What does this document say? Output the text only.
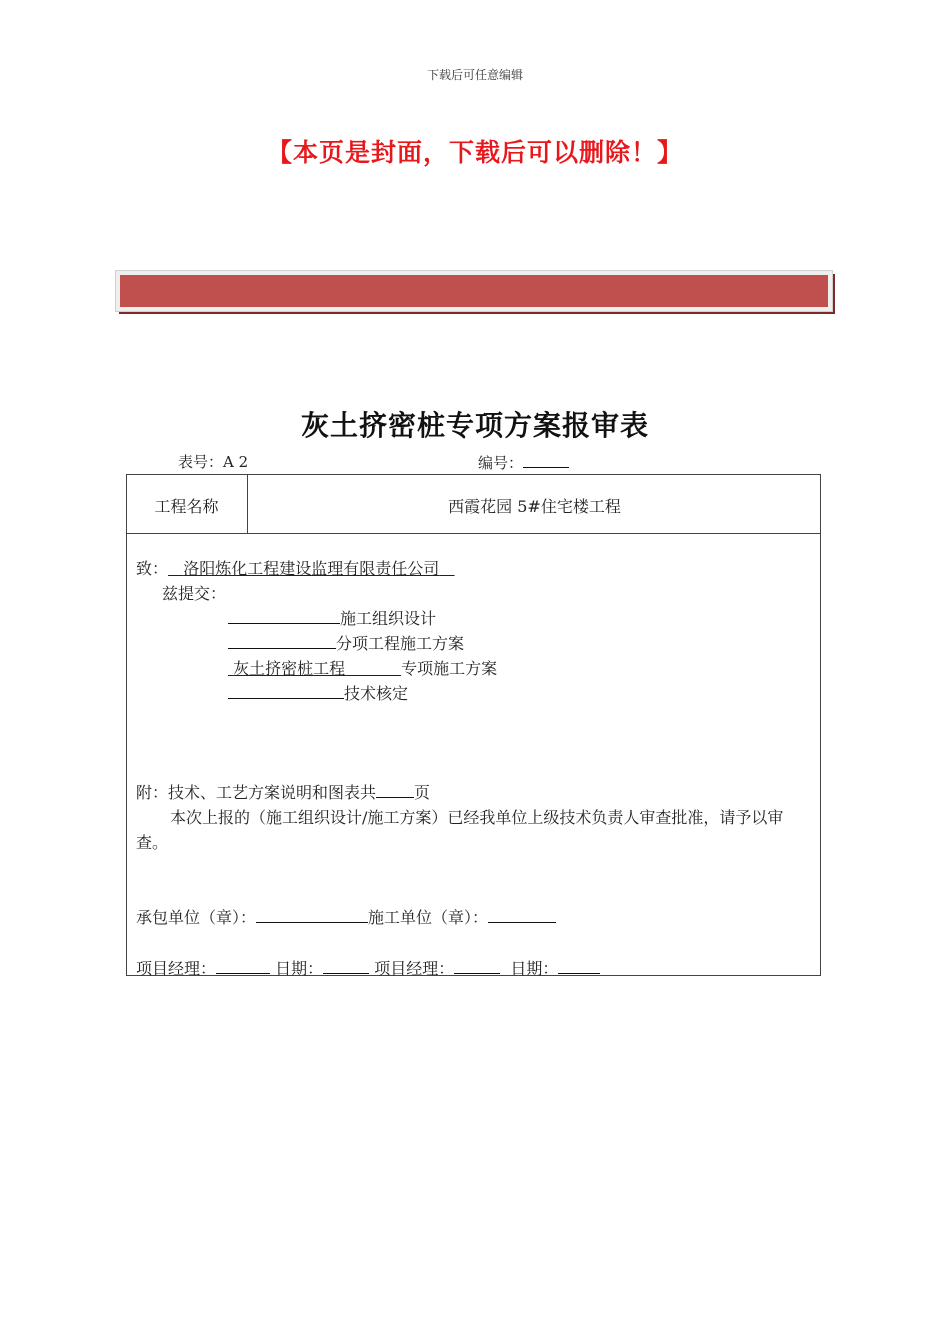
下载后可任意编辑
【本页是封面，下载后可以删除！】
灰土挤密桩专项方案报审表
表号：A 2	编号：
工程名称	西霞花园 5#住宅楼工程
致： 洛阳炼化工程建设监理有限责任公司
兹提交：
施工组织设计
分项工程施工方案
灰土挤密桩工程	专项施工方案
技术核定
附：技术、工艺方案说明和图表共 页
本次上报的（施工组织设计/施工方案）已经我单位上级技术负责人审查批准，请予以审
查。
承包单位（章）：	施工单位（章）：
项目经理：	日期：	项目经理：	日期：
